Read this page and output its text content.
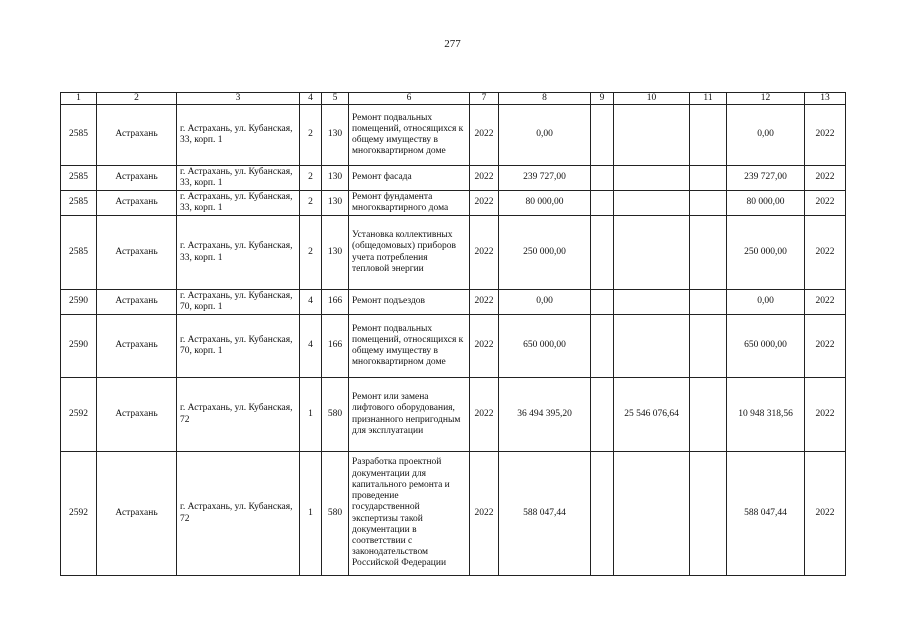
277
1	2	3	4	5	6	7	8	9	10	11	12	13
2585	Астрахань	г. Астрахань, ул. Кубанская, 33, корп. 1	2	130	Ремонт подвальных помещений, относящихся к общему имуществу в многоквартирном доме	2022	0,00				0,00	2022
2585	Астрахань	г. Астрахань, ул. Кубанская, 33, корп. 1	2	130	Ремонт фасада	2022	239 727,00				239 727,00	2022
2585	Астрахань	г. Астрахань, ул. Кубанская, 33, корп. 1	2	130	Ремонт фундамента многоквартирного дома	2022	80 000,00				80 000,00	2022
2585	Астрахань	г. Астрахань, ул. Кубанская, 33, корп. 1	2	130	Установка коллективных (общедомовых) приборов учета потребления тепловой энергии	2022	250 000,00				250 000,00	2022
2590	Астрахань	г. Астрахань, ул. Кубанская, 70, корп. 1	4	166	Ремонт подъездов	2022	0,00				0,00	2022
2590	Астрахань	г. Астрахань, ул. Кубанская, 70, корп. 1	4	166	Ремонт подвальных помещений, относящихся к общему имуществу в многоквартирном доме	2022	650 000,00				650 000,00	2022
2592	Астрахань	г. Астрахань, ул. Кубанская, 72	1	580	Ремонт или замена лифтового оборудования, признанного непригодным для эксплуатации	2022	36 494 395,20		25 546 076,64		10 948 318,56	2022
2592	Астрахань	г. Астрахань, ул. Кубанская, 72	1	580	Разработка проектной документации для капитального ремонта и проведение государственной экспертизы такой документации в соответствии с законодательством Российской Федерации	2022	588 047,44				588 047,44	2022
